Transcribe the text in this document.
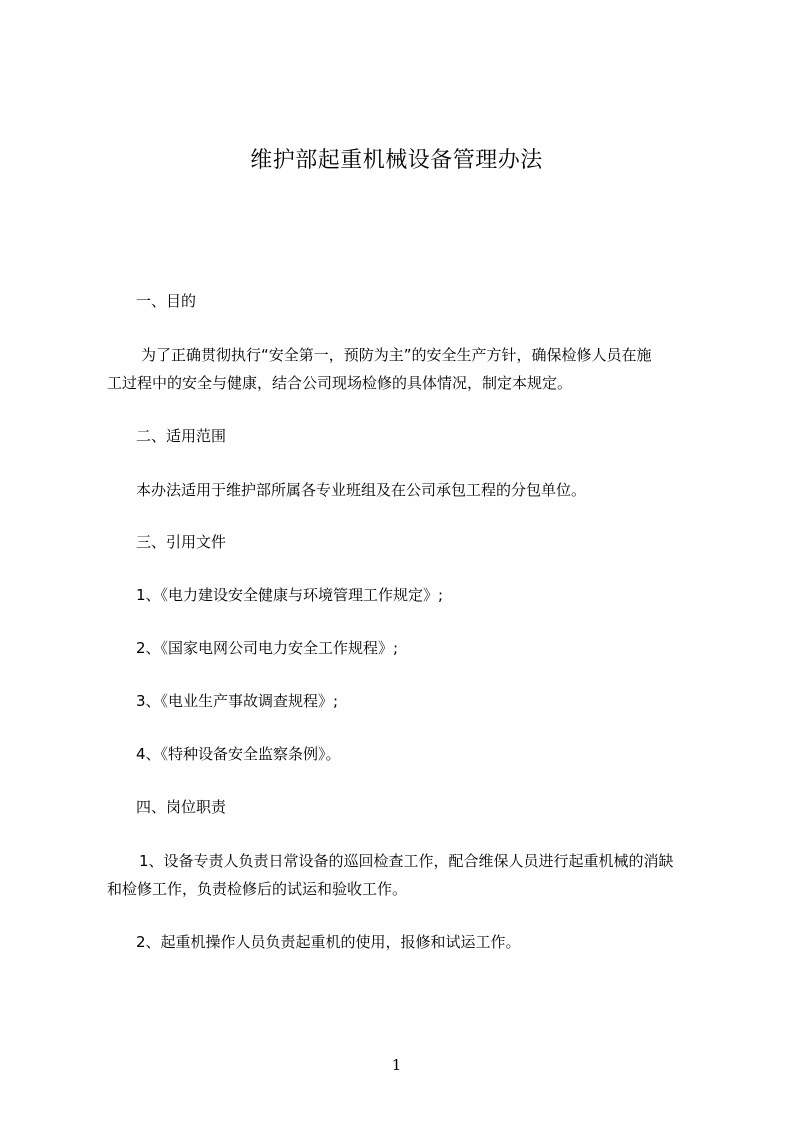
维护部起重机械设备管理办法
一、目的
为了正确贯彻执行“安全第一，预防为主”的安全生产方针，确保检修人员在施
工过程中的安全与健康，结合公司现场检修的具体情况，制定本规定。
二、适用范围
本办法适用于维护部所属各专业班组及在公司承包工程的分包单位。
三、引用文件
1、《电力建设安全健康与环境管理工作规定》;
2、《国家电网公司电力安全工作规程》;
3、《电业生产事故调查规程》;
4、《特种设备安全监察条例》。
四、岗位职责
1、设备专责人负责日常设备的巡回检查工作，配合维保人员进行起重机械的消缺
和检修工作，负责检修后的试运和验收工作。
2、起重机操作人员负责起重机的使用，报修和试运工作。
1
